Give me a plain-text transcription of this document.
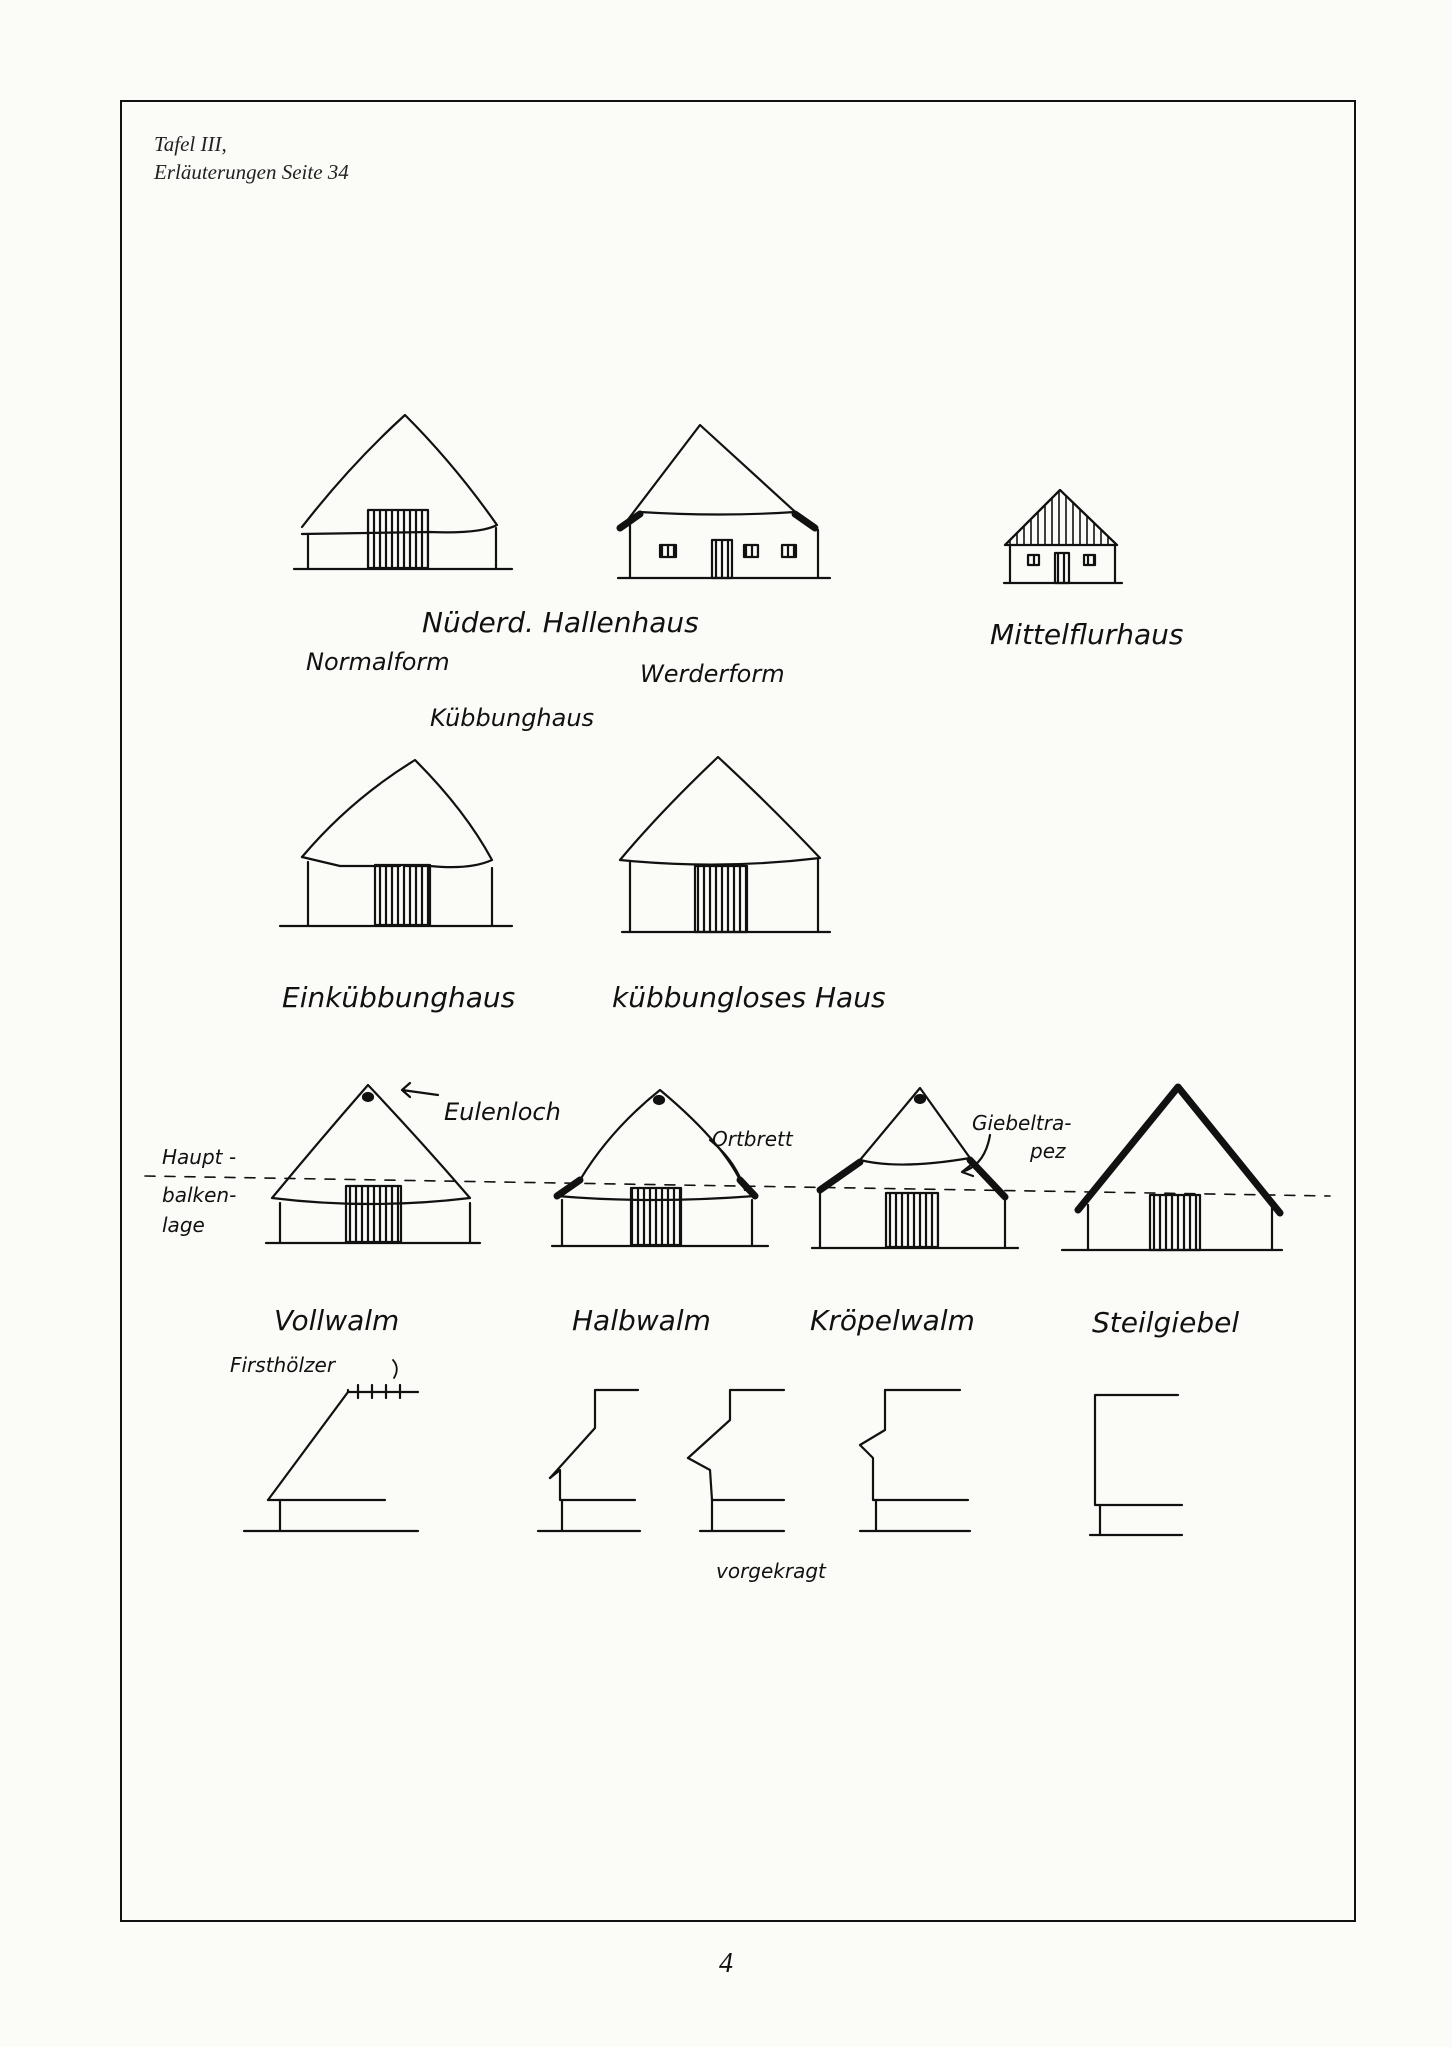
Tafel III,
Erläuterungen Seite 34
Nüderd. Hallenhaus
Normalform	Werderform
Kübbunghaus
Mittelflurhaus
Einkübbunghaus	kübbungloses Haus
Eulenloch
Ortbrett
Giebeltra-
pez
Haupt -
balken-
lage
Vollwalm	Halbwalm	Kröpelwalm	Steilgiebel
Firsthölzer
vorgekragt
4
